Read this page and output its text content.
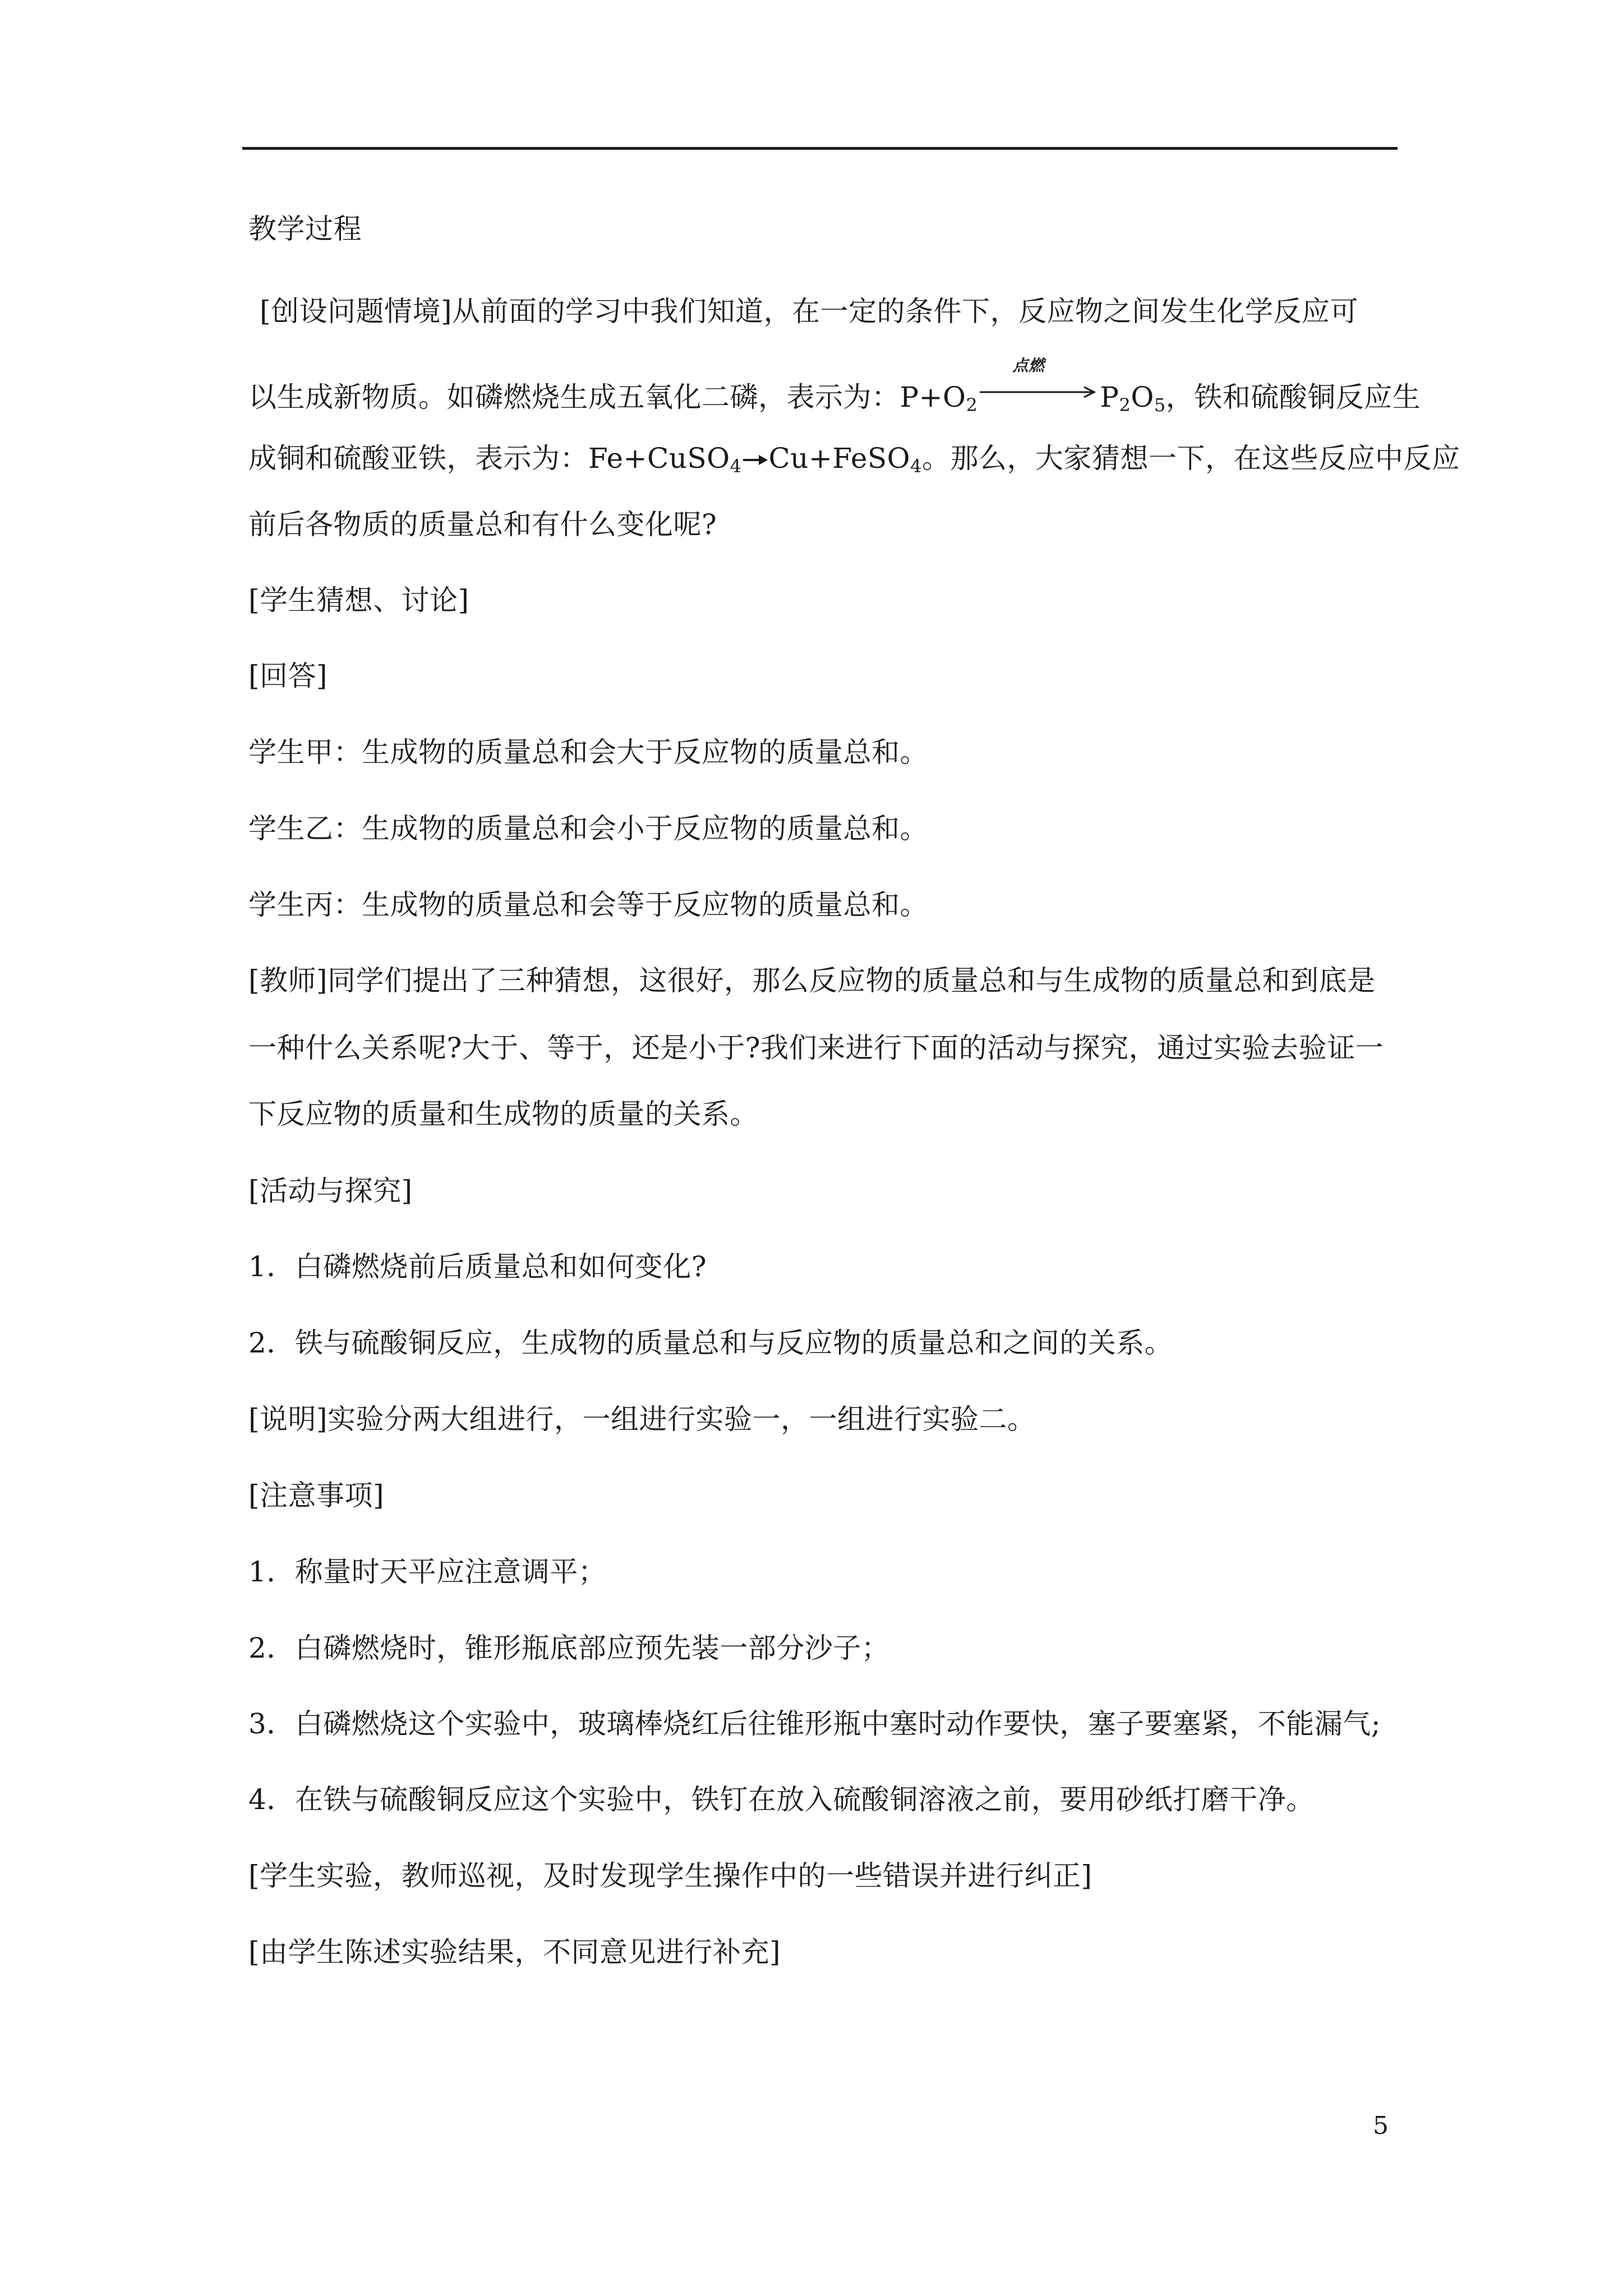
教学过程
[创设问题情境]从前面的学习中我们知道，在一定的条件下，反应物之间发生化学反应可
以生成新物质。如磷燃烧生成五氧化二磷，表示为：$P+O_2$
点燃
$P_2O_5$，铁和硫酸铜反应生
成铜和硫酸亚铁，表示为：Fe+CuSO$_4$ Cu+FeSO$_4$。那么，大家猜想一下，在这些反应中反应
前后各物质的质量总和有什么变化呢?
[学生猜想、讨论]
[回答]
学生甲：生成物的质量总和会大于反应物的质量总和。
学生乙：生成物的质量总和会小于反应物的质量总和。
学生丙：生成物的质量总和会等于反应物的质量总和。
[教师]同学们提出了三种猜想，这很好，那么反应物的质量总和与生成物的质量总和到底是
一种什么关系呢?大于、等于，还是小于?我们来进行下面的活动与探究，通过实验去验证一
下反应物的质量和生成物的质量的关系。
[活动与探究]
1．白磷燃烧前后质量总和如何变化?
2．铁与硫酸铜反应，生成物的质量总和与反应物的质量总和之间的关系。
[说明]实验分两大组进行，一组进行实验一，一组进行实验二。
[注意事项]
1．称量时天平应注意调平；
2．白磷燃烧时，锥形瓶底部应预先装一部分沙子；
3．白磷燃烧这个实验中，玻璃棒烧红后往锥形瓶中塞时动作要快，塞子要塞紧，不能漏气;
4．在铁与硫酸铜反应这个实验中，铁钉在放入硫酸铜溶液之前，要用砂纸打磨干净。
[学生实验，教师巡视，及时发现学生操作中的一些错误并进行纠正]
[由学生陈述实验结果，不同意见进行补充]
5
